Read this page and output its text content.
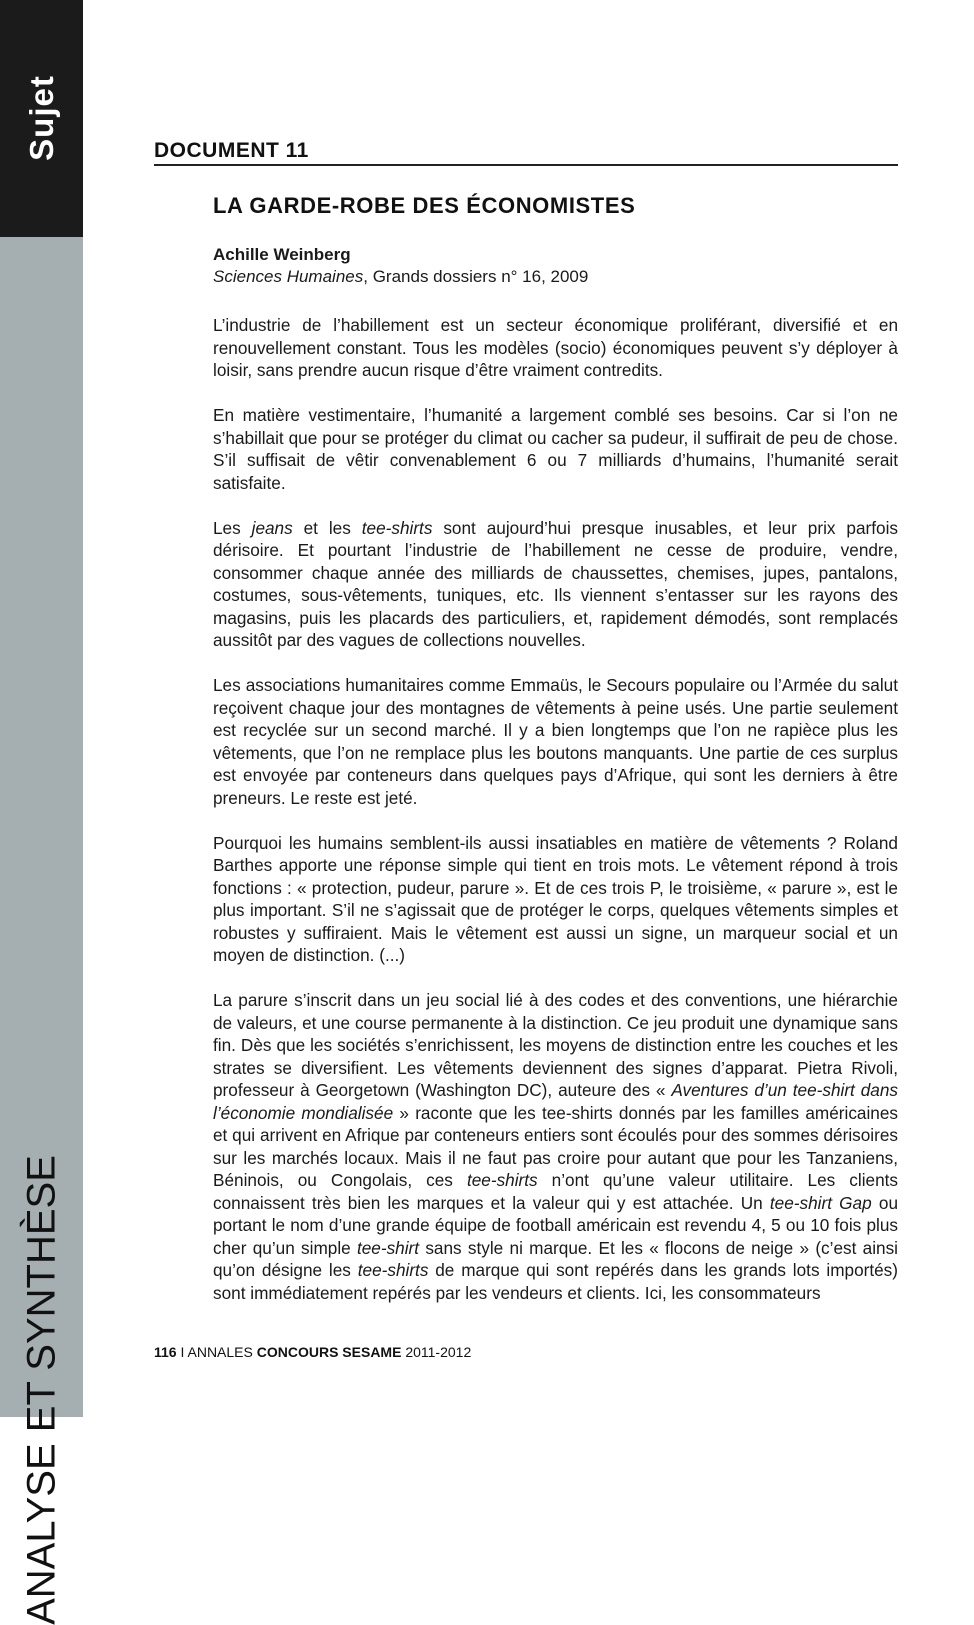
Sujet
ANALYSE ET SYNTHÈSE
DOCUMENT 11
LA GARDE-ROBE DES ÉCONOMISTES
Achille Weinberg
Sciences Humaines, Grands dossiers n° 16, 2009

L’industrie de l’habillement est un secteur économique proliférant, diversifié et en renouvellement constant. Tous les modèles (socio) économiques peuvent s’y déployer à loisir, sans prendre aucun risque d’être vraiment contredits.

En matière vestimentaire, l’humanité a largement comblé ses besoins. Car si l’on ne s’habillait que pour se protéger du climat ou cacher sa pudeur, il suffirait de peu de chose. S’il suffisait de vêtir convenablement 6 ou 7 milliards d’humains, l’humanité serait satisfaite.

Les jeans et les tee-shirts sont aujourd’hui presque inusables, et leur prix parfois dérisoire. Et pourtant l’industrie de l’habillement ne cesse de produire, vendre, consommer chaque année des milliards de chaussettes, chemises, jupes, pantalons, costumes, sous-vêtements, tuniques, etc. Ils viennent s’entasser sur les rayons des magasins, puis les placards des particuliers, et, rapidement démodés, sont remplacés aussitôt par des vagues de collections nouvelles.

Les associations humanitaires comme Emmaüs, le Secours populaire ou l’Armée du salut reçoivent chaque jour des montagnes de vêtements à peine usés. Une partie seulement est recyclée sur un second marché. Il y a bien longtemps que l’on ne rapièce plus les vêtements, que l’on ne remplace plus les boutons manquants. Une partie de ces surplus est envoyée par conteneurs dans quelques pays d’Afrique, qui sont les derniers à être preneurs. Le reste est jeté.

Pourquoi les humains semblent-ils aussi insatiables en matière de vêtements ? Roland Barthes apporte une réponse simple qui tient en trois mots. Le vêtement répond à trois fonctions : « protection, pudeur, parure ». Et de ces trois P, le troisième, « parure », est le plus important. S’il ne s’agissait que de protéger le corps, quelques vêtements simples et robustes y suffiraient. Mais le vêtement est aussi un signe, un marqueur social et un moyen de distinction. (...)

La parure s’inscrit dans un jeu social lié à des codes et des conventions, une hiérarchie de valeurs, et une course permanente à la distinction. Ce jeu produit une dynamique sans fin. Dès que les sociétés s’enrichissent, les moyens de distinction entre les couches et les strates se diversifient. Les vêtements deviennent des signes d’apparat. Pietra Rivoli, professeur à Georgetown (Washington DC), auteure des « Aventures d’un tee-shirt dans l’économie mondialisée » raconte que les tee-shirts donnés par les familles américaines et qui arrivent en Afrique par conteneurs entiers sont écoulés pour des sommes dérisoires sur les marchés locaux. Mais il ne faut pas croire pour autant que pour les Tanzaniens, Béninois, ou Congolais, ces tee-shirts n’ont qu’une valeur utilitaire. Les clients connaissent très bien les marques et la valeur qui y est attachée. Un tee-shirt Gap ou portant le nom d’une grande équipe de football américain est revendu 4, 5 ou 10 fois plus cher qu’un simple tee-shirt sans style ni marque. Et les « flocons de neige » (c’est ainsi qu’on désigne les tee-shirts de marque qui sont repérés dans les grands lots importés) sont immédiatement repérés par les vendeurs et clients. Ici, les consommateurs

116 I ANNALES CONCOURS SESAME 2011-2012
